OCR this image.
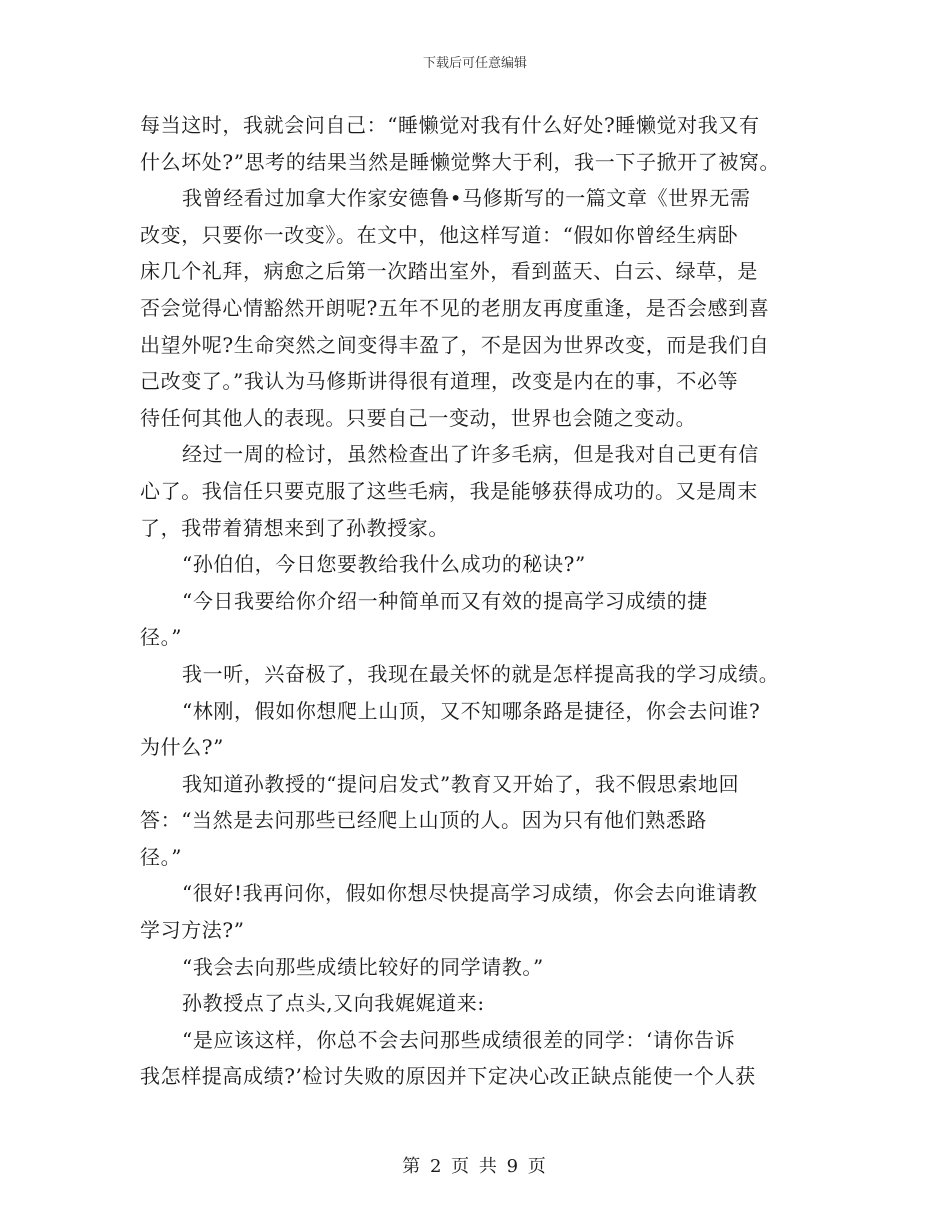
下载后可任意编辑
每当这时，我就会问自己：“睡懒觉对我有什么好处?睡懒觉对我又有
什么坏处?”思考的结果当然是睡懒觉弊大于利，我一下子掀开了被窝。
我曾经看过加拿大作家安德鲁•马修斯写的一篇文章《世界无需
改变，只要你一改变》。在文中，他这样写道：“假如你曾经生病卧
床几个礼拜，病愈之后第一次踏出室外，看到蓝天、白云、绿草，是
否会觉得心情豁然开朗呢?五年不见的老朋友再度重逢，是否会感到喜
出望外呢?生命突然之间变得丰盈了，不是因为世界改变，而是我们自
己改变了。”我认为马修斯讲得很有道理，改变是内在的事，不必等
待任何其他人的表现。只要自己一变动，世界也会随之变动。
经过一周的检讨，虽然检查出了许多毛病，但是我对自己更有信
心了。我信任只要克服了这些毛病，我是能够获得成功的。又是周末
了，我带着猜想来到了孙教授家。
“孙伯伯，今日您要教给我什么成功的秘诀?”
“今日我要给你介绍一种简单而又有效的提高学习成绩的捷
径。”
我一听，兴奋极了，我现在最关怀的就是怎样提高我的学习成绩。
“林刚，假如你想爬上山顶，又不知哪条路是捷径，你会去问谁?
为什么?”
我知道孙教授的“提问启发式”教育又开始了，我不假思索地回
答：“当然是去问那些已经爬上山顶的人。因为只有他们熟悉路
径。”
“很好!我再问你，假如你想尽快提高学习成绩，你会去向谁请教
学习方法?”
“我会去向那些成绩比较好的同学请教。”
孙教授点了点头,又向我娓娓道来:
“是应该这样，你总不会去问那些成绩很差的同学：‘请你告诉
我怎样提高成绩?’检讨失败的原因并下定决心改正缺点能使一个人获
第 2 页 共 9 页
